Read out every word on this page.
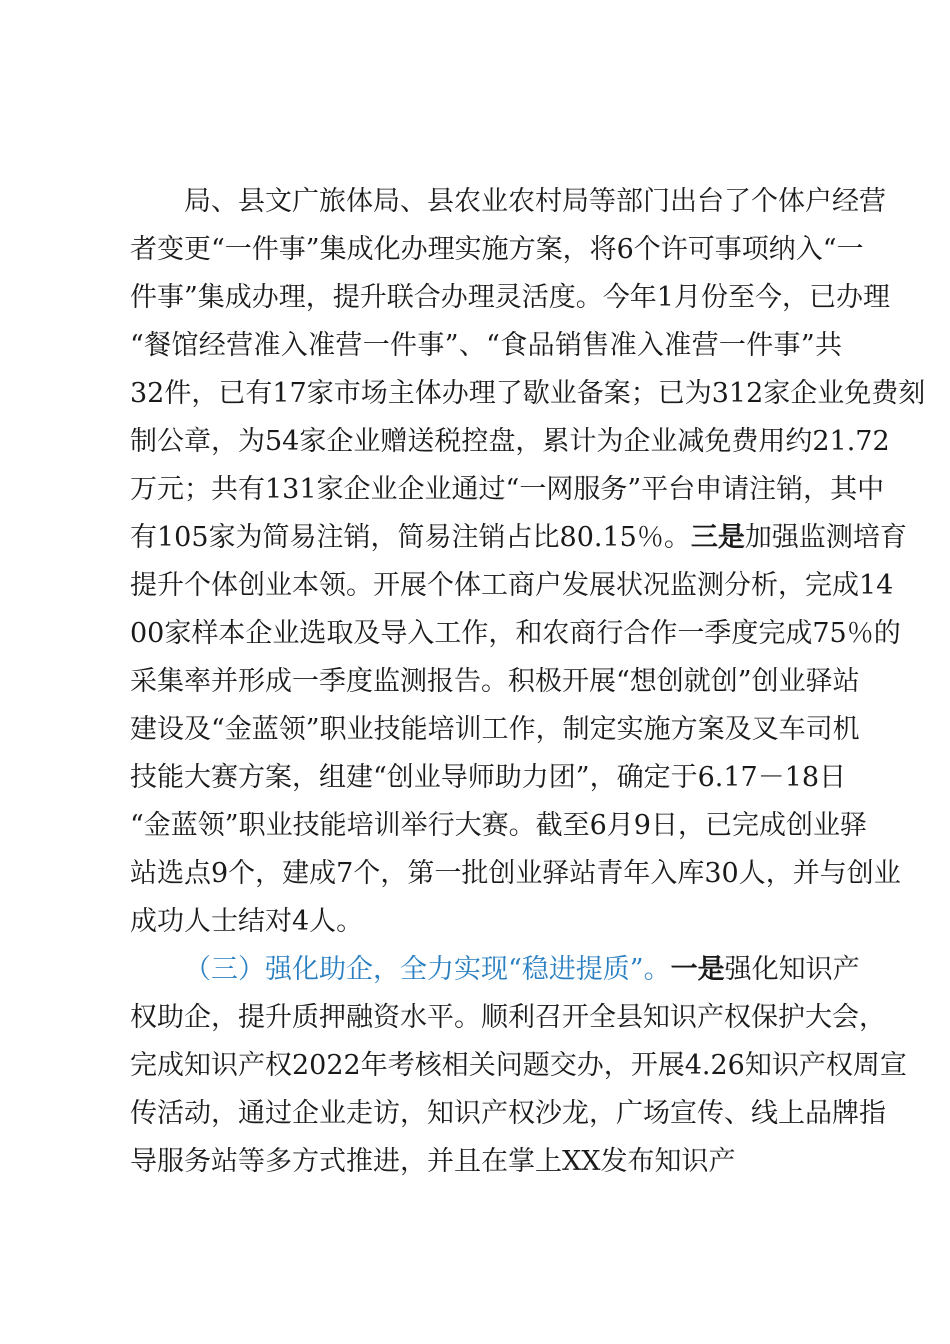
局、县文广旅体局、县农业农村局等部门出台了个体户经营
者变更“一件事”集成化办理实施方案，将6个许可事项纳入“一
件事”集成办理，提升联合办理灵活度。今年1月份至今，已办理
“餐馆经营准入准营一件事”、“食品销售准入准营一件事”共
32件，已有17家市场主体办理了歇业备案；已为312家企业免费刻
制公章，为54家企业赠送税控盘，累计为企业减免费用约21.72
万元；共有131家企业企业通过“一网服务”平台申请注销，其中
有105家为简易注销，简易注销占比80.15％。三是加强监测培育
提升个体创业本领。开展个体工商户发展状况监测分析，完成14
00家样本企业选取及导入工作，和农商行合作一季度完成75％的
采集率并形成一季度监测报告。积极开展“想创就创”创业驿站
建设及“金蓝领”职业技能培训工作，制定实施方案及叉车司机
技能大赛方案，组建“创业导师助力团”，确定于6.17－18日
“金蓝领”职业技能培训举行大赛。截至6月9日，已完成创业驿
站选点9个，建成7个，第一批创业驿站青年入库30人，并与创业
成功人士结对4人。
（三）强化助企，全力实现“稳进提质”。一是强化知识产
权助企，提升质押融资水平。顺利召开全县知识产权保护大会，
完成知识产权2022年考核相关问题交办，开展4.26知识产权周宣
传活动，通过企业走访，知识产权沙龙，广场宣传、线上品牌指
导服务站等多方式推进，并且在掌上XX发布知识产
